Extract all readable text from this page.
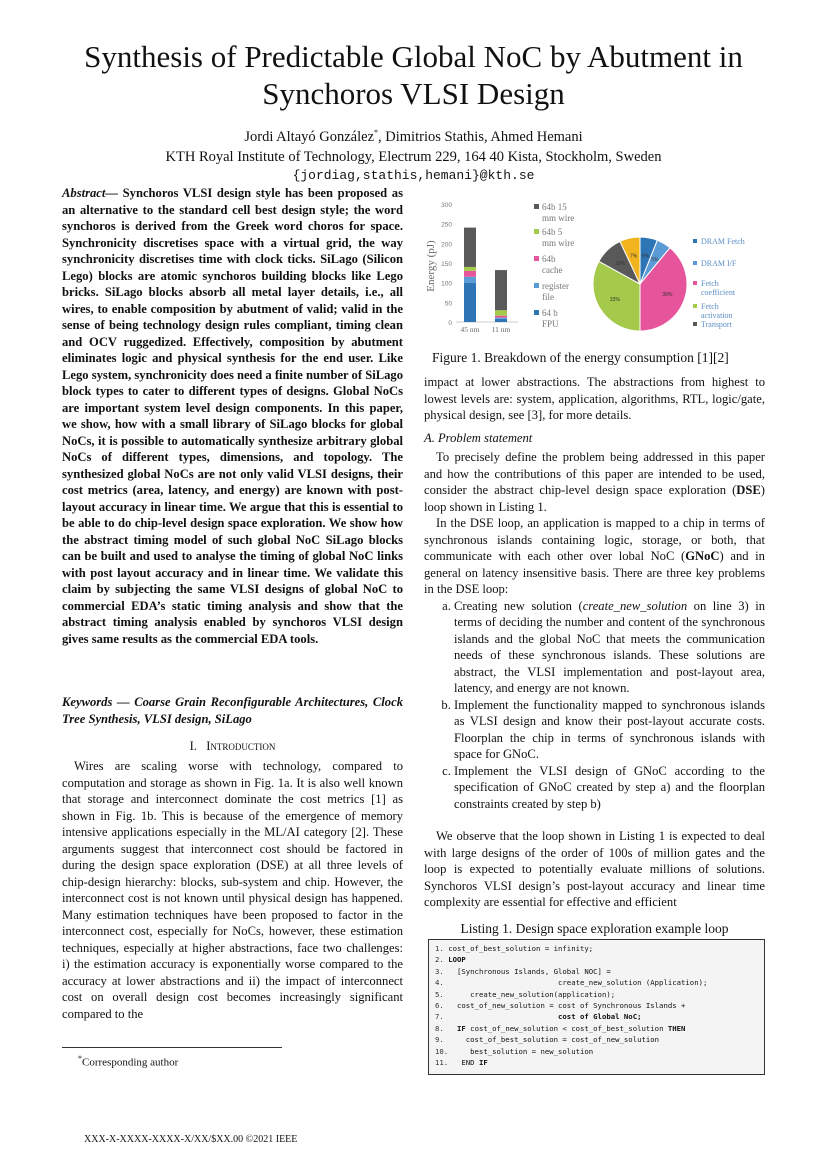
Synthesis of Predictable Global NoC by Abutment in Synchoros VLSI Design
Jordi Altayó González*, Dimitrios Stathis, Ahmed Hemani
KTH Royal Institute of Technology, Electrum 229, 164 40 Kista, Stockholm, Sweden
{jordiag,stathis,hemani}@kth.se
Abstract— Synchoros VLSI design style has been proposed as an alternative to the standard cell best design style; the word synchoros is derived from the Greek word choros for space. Synchronicity discretises space with a virtual grid, the way synchronicity discretises time with clock ticks. SiLago (Silicon Lego) blocks are atomic synchoros building blocks like Lego bricks. SiLago blocks absorb all metal layer details, i.e., all wires, to enable composition by abutment of valid; valid in the sense of being technology design rules compliant, timing clean and OCV ruggedized. Effectively, composition by abutment eliminates logic and physical synthesis for the end user. Like Lego system, synchronicity does need a finite number of SiLago block types to cater to different types of designs. Global NoCs are important system level design components. In this paper, we show, how with a small library of SiLago blocks for global NoCs, it is possible to automatically synthesize arbitrary global NoCs of different types, dimensions, and topology. The synthesized global NoCs are not only valid VLSI designs, their cost metrics (area, latency, and energy) are known with post-layout accuracy in linear time. We argue that this is essential to be able to do chip-level design space exploration. We show how the abstract timing model of such global NoC SiLago blocks can be built and used to analyse the timing of global NoC links with post layout accuracy and in linear time. We validate this claim by subjecting the same VLSI designs of global NoC to commercial EDA’s static timing analysis and show that the abstract timing analysis enabled by synchoros VLSI design gives same results as the commercial EDA tools.
Keywords — Coarse Grain Reconfigurable Architectures, Clock Tree Synthesis, VLSI design, SiLago
I. Introduction

Wires are scaling worse with technology, compared to computation and storage as shown in Fig. 1a. It is also well known that storage and interconnect dominate the cost metrics [1] as shown in Fig. 1b. This is because of the emergence of memory intensive applications especially in the ML/AI category [2]. These arguments suggest that interconnect cost should be factored in during the design space exploration (DSE) at all three levels of chip-design hierarchy: blocks, sub-system and chip. However, the interconnect cost is not known until physical design has happened. Many estimation techniques have been proposed to factor in the interconnect cost, especially for NoCs, however, these estimation techniques, especially at higher abstractions, face two challenges: i) the estimation accuracy is exponentially worse compared to the accuracy at lower abstractions and ii) the impact of interconnect cost on overall design cost becomes increasingly significant compared to the

*Corresponding author
XXX-X-XXXX-XXXX-X/XX/$XX.00 ©2021 IEEE
Energy (pJ)
0
50
100
150
200
250
300
45 nm 11 nm
64b 15
mm wire
64b 5
mm wire
64b
cache
register
file
64 b
FPU
6%
5%
39%
33%
10%
7%
DRAM Fetch
DRAM I/F
Fetch
coefficient
Fetch
activation
Transport
Figure 1. Breakdown of the energy consumption [1][2]

impact at lower abstractions. The abstractions from highest to lowest levels are: system, application, algorithms, RTL, logic/gate, physical design, see [3], for more details.

A. Problem statement

To precisely define the problem being addressed in this paper and how the contributions of this paper are intended to be used, consider the abstract chip-level design space exploration (DSE) loop shown in Listing 1.

In the DSE loop, an application is mapped to a chip in terms of synchronous islands containing logic, storage, or both, that communicate with each other over lobal NoC (GNoC) and in general on latency insensitive basis. There are three key problems in the DSE loop:

a. Creating new solution (create_new_solution on line 3) in terms of deciding the number and content of the synchronous islands and the global NoC that meets the communication needs of these synchronous islands. These solutions are abstract, the VLSI implementation and post-layout area, latency, and energy are not known.
b. Implement the functionality mapped to synchronous islands as VLSI design and know their post-layout accurate costs. Floorplan the chip in terms of synchronous islands with space for GNoC.
c. Implement the VLSI design of GNoC according to the specification of GNoC created by step a) and the floorplan constraints created by step b)

We observe that the loop shown in Listing 1 is expected to deal with large designs of the order of 100s of million gates and the loop is expected to potentially evaluate millions of solutions. Synchoros VLSI design’s post-layout accuracy and linear time complexity are essential for effective and efficient

Listing 1. Design space exploration example loop
1. cost_of_best_solution = infinity;
2. LOOP
3.   [Synchronous Islands, Global NOC] =
4.                          create_new_solution (Application);
5.      create_new_solution(application);
6.   cost_of_new_solution = cost of Synchronous Islands +
7.	cost of Global NoC;
8.   IF cost_of_new_solution < cost_of_best_solution THEN
9.     cost_of_best_solution = cost_of_new_solution
10.     best_solution = new_solution
11.   END IF
